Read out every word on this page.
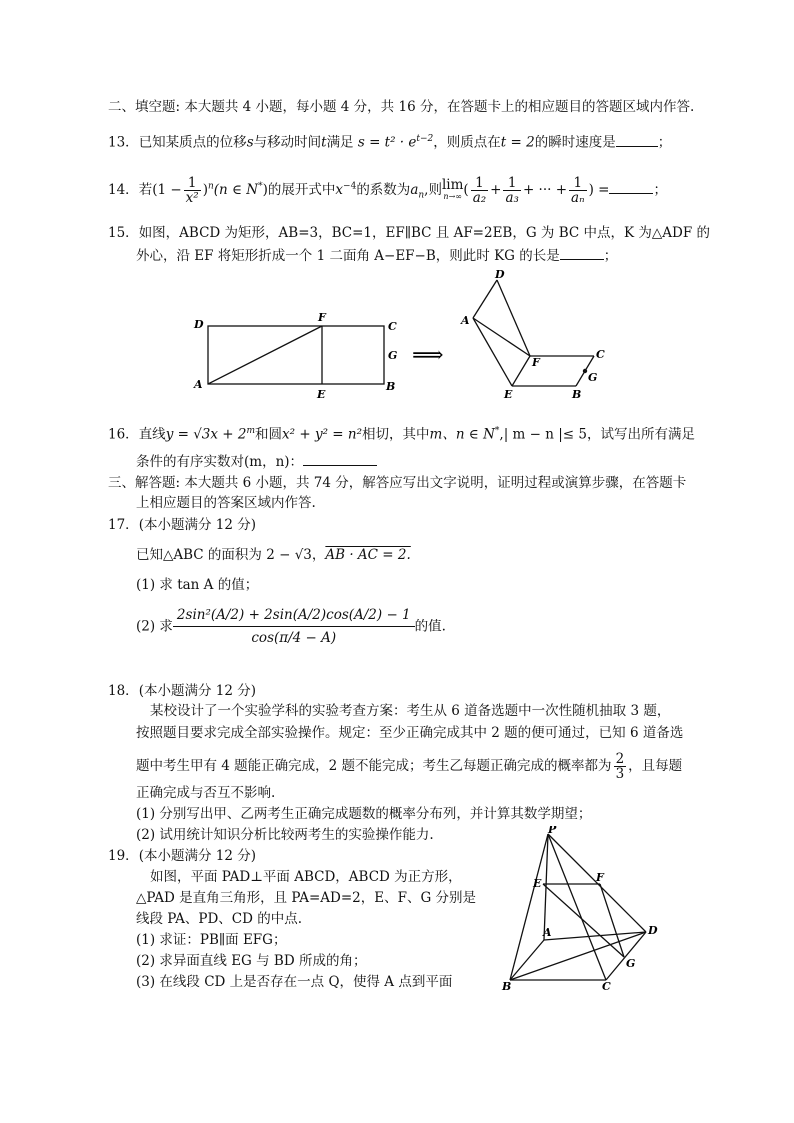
二、填空题: 本大题共 4 小题，每小题 4 分，共 16 分，在答题卡上的相应题目的答题区域内作答.
13．已知某质点的位移s与移动时间t满足 $s = t^2 \cdot e^{t-2}$，则质点在t = 2的瞬时速度是	；
14．若$(1 - \frac{1}{\text{x²}} )^n(n$ ∈ N*)的展开式中$x^{-4}$的系数为$a_n$,则 lim
n→∞ ( $\frac{1}{\text{a₂}} + \frac{1}{\text{a₃}}$ + ··· + $\frac{1}{\text{aₙ}}$ ) =	；
15．如图，ABCD 为矩形，AB=3，BC=1，EF∥BC 且 AF=2EB，G 为 BC 中点，K 为△ADF 的
外心，沿 EF 将矩形折成一个 1 二面角 A−EF−B，则此时 KG 的长是	；
D
F
C
G
A
E
B
⟹
D
A
F
C
G
E	B
16．直线$y = √3x + 2^m$和圆x² + y² = n²相切，其中m、n ∈ N*,| m − n |≤ 5，试写出所有满足
条件的有序实数对(m，n)：
三、解答题: 本大题共 6 小题，共 74 分，解答应写出文字说明，证明过程或演算步骤，在答题卡
上相应题目的答案区域内作答.
17．(本小题满分 12 分)
已知△ABC 的面积为 2 − √3，AB · AC = 2.
(1) 求 tan A 的值；
(2) 求 $\frac{\text{2sin²(A/2) + 2sin(A/2)cos(A/2) − 1}}{\cos(\pi/4 - A)}$ 的值.
18．(本小题满分 12 分)
某校设计了一个实验学科的实验考查方案：考生从 6 道备选题中一次性随机抽取 3 题，
按照题目要求完成全部实验操作。规定：至少正确完成其中 2 题的便可通过，已知 6 道备选
题中考生甲有 4 题能正确完成，2 题不能完成；考生乙每题正确完成的概率都为 $\frac{2}{3}$ ，且每题
正确完成与否互不影响.
(1) 分别写出甲、乙两考生正确完成题数的概率分布列，并计算其数学期望；
(2) 试用统计知识分析比较两考生的实验操作能力.
19．(本小题满分 12 分)
如图，平面 PAD⊥平面 ABCD，ABCD 为正方形，
△PAD 是直角三角形，且 PA=AD=2，E、F、G 分别是
线段 PA、PD、CD 的中点.
(1) 求证：PB∥面 EFG；
(2) 求异面直线 EG 与 BD 所成的角；
(3) 在线段 CD 上是否存在一点 Q，使得 A 点到平面
P
E	F
A	D
G
B	C
